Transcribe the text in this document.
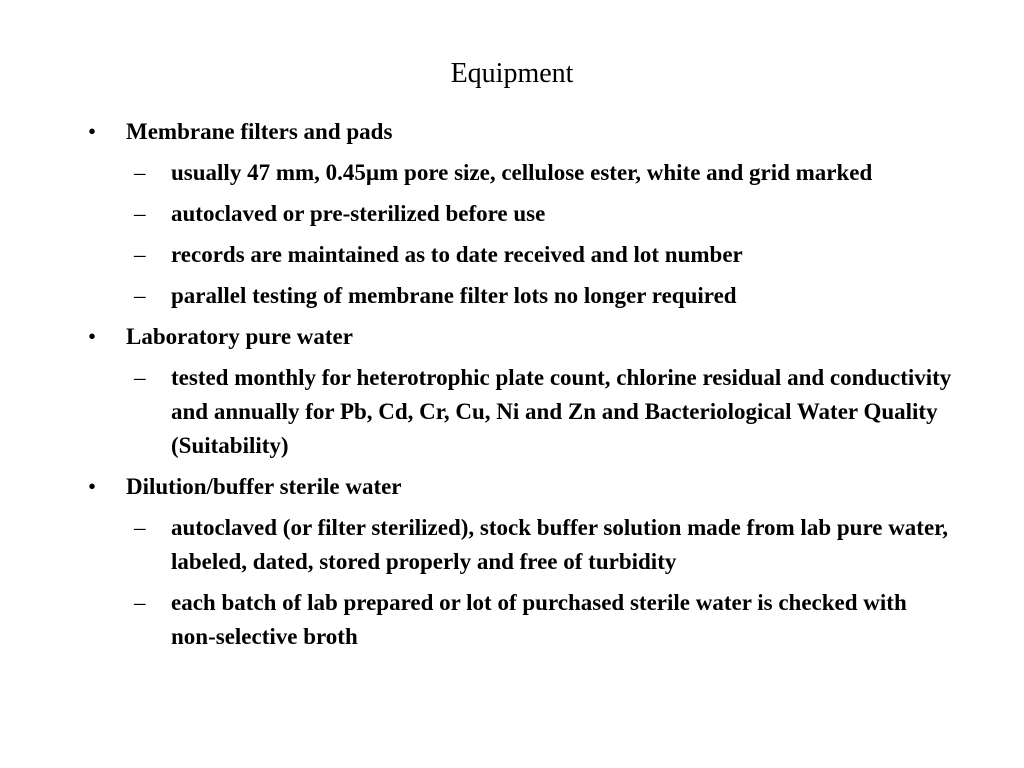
Equipment
• Membrane filters and pads
– usually 47 mm, 0.45µm pore size, cellulose ester, white and grid marked
– autoclaved or pre-sterilized before use
– records are maintained as to date received and lot number
– parallel testing of membrane filter lots no longer required
• Laboratory pure water
– tested monthly for heterotrophic plate count, chlorine residual and conductivity and annually for Pb, Cd, Cr, Cu, Ni and Zn and Bacteriological Water Quality (Suitability)
• Dilution/buffer sterile water
– autoclaved (or filter sterilized), stock buffer solution made from lab pure water, labeled, dated, stored properly and free of turbidity
– each batch of lab prepared or lot of purchased sterile water is checked with non-selective broth
